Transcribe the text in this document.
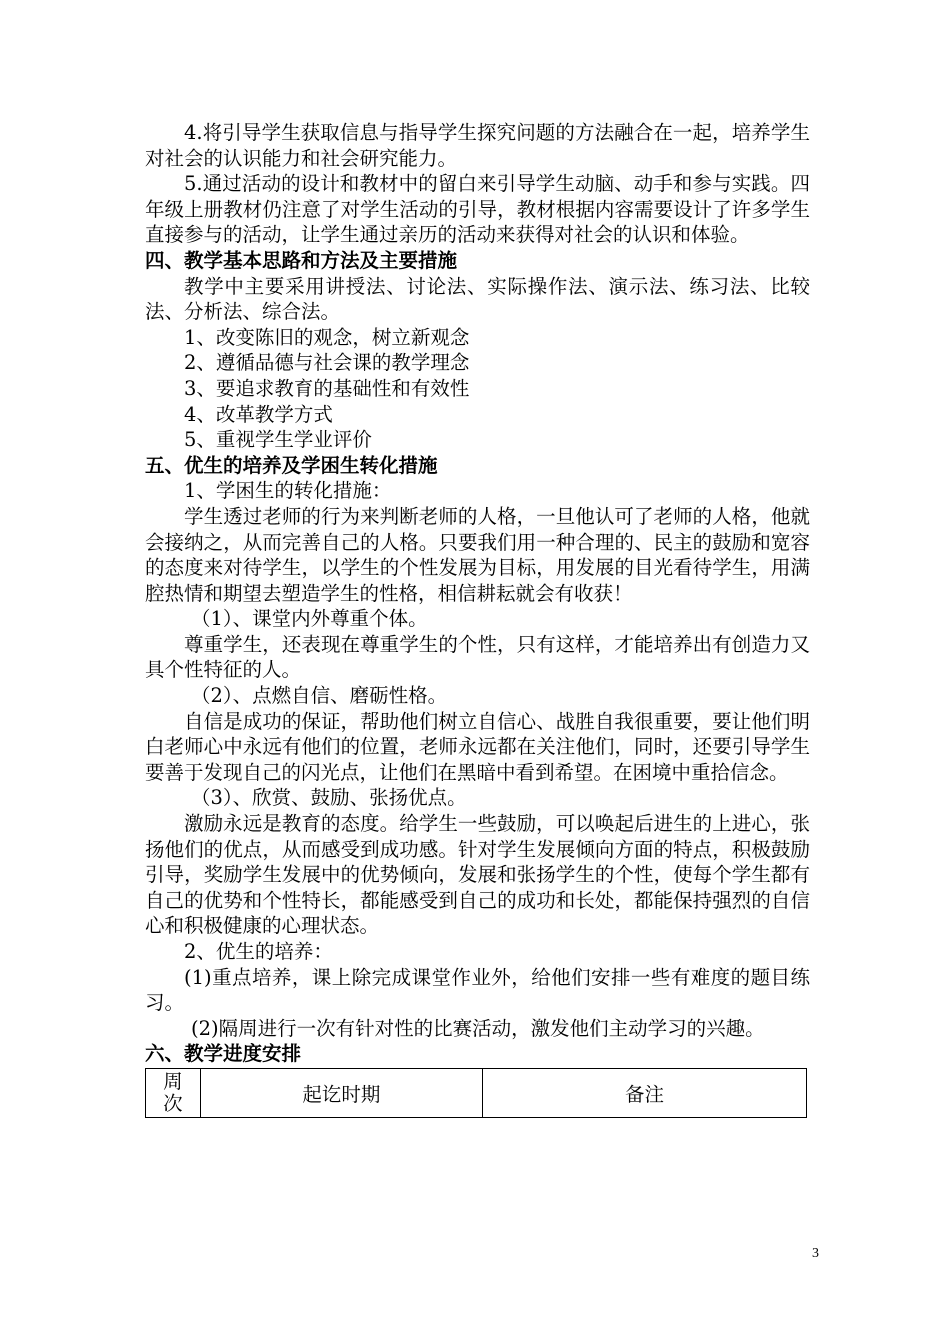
4.将引导学生获取信息与指导学生探究问题的方法融合在一起，培养学生对社会的认识能力和社会研究能力。

5.通过活动的设计和教材中的留白来引导学生动脑、动手和参与实践。四年级上册教材仍注意了对学生活动的引导，教材根据内容需要设计了许多学生直接参与的活动，让学生通过亲历的活动来获得对社会的认识和体验。

四、教学基本思路和方法及主要措施

教学中主要采用讲授法、讨论法、实际操作法、演示法、练习法、比较法、分析法、综合法。

1、改变陈旧的观念，树立新观念

2、遵循品德与社会课的教学理念

3、要追求教育的基础性和有效性

4、改革教学方式

5、重视学生学业评价

五、优生的培养及学困生转化措施

1、学困生的转化措施：

学生透过老师的行为来判断老师的人格，一旦他认可了老师的人格，他就会接纳之，从而完善自己的人格。只要我们用一种合理的、民主的鼓励和宽容的态度来对待学生，以学生的个性发展为目标，用发展的目光看待学生，用满腔热情和期望去塑造学生的性格，相信耕耘就会有收获！

（1）、课堂内外尊重个体。

尊重学生，还表现在尊重学生的个性，只有这样，才能培养出有创造力又具个性特征的人。

（2）、点燃自信、磨砺性格。

自信是成功的保证，帮助他们树立自信心、战胜自我很重要，要让他们明白老师心中永远有他们的位置，老师永远都在关注他们，同时，还要引导学生要善于发现自己的闪光点，让他们在黑暗中看到希望。在困境中重拾信念。

（3）、欣赏、鼓励、张扬优点。

激励永远是教育的态度。给学生一些鼓励，可以唤起后进生的上进心，张扬他们的优点，从而感受到成功感。针对学生发展倾向方面的特点，积极鼓励引导，奖励学生发展中的优势倾向，发展和张扬学生的个性，使每个学生都有自己的优势和个性特长，都能感受到自己的成功和长处，都能保持强烈的自信心和积极健康的心理状态。

2、优生的培养：

(1)重点培养，课上除完成课堂作业外，给他们安排一些有难度的题目练习。

(2)隔周进行一次有针对性的比赛活动，激发他们主动学习的兴趣。

六、教学进度安排

周
次	起讫时期	备注
3
